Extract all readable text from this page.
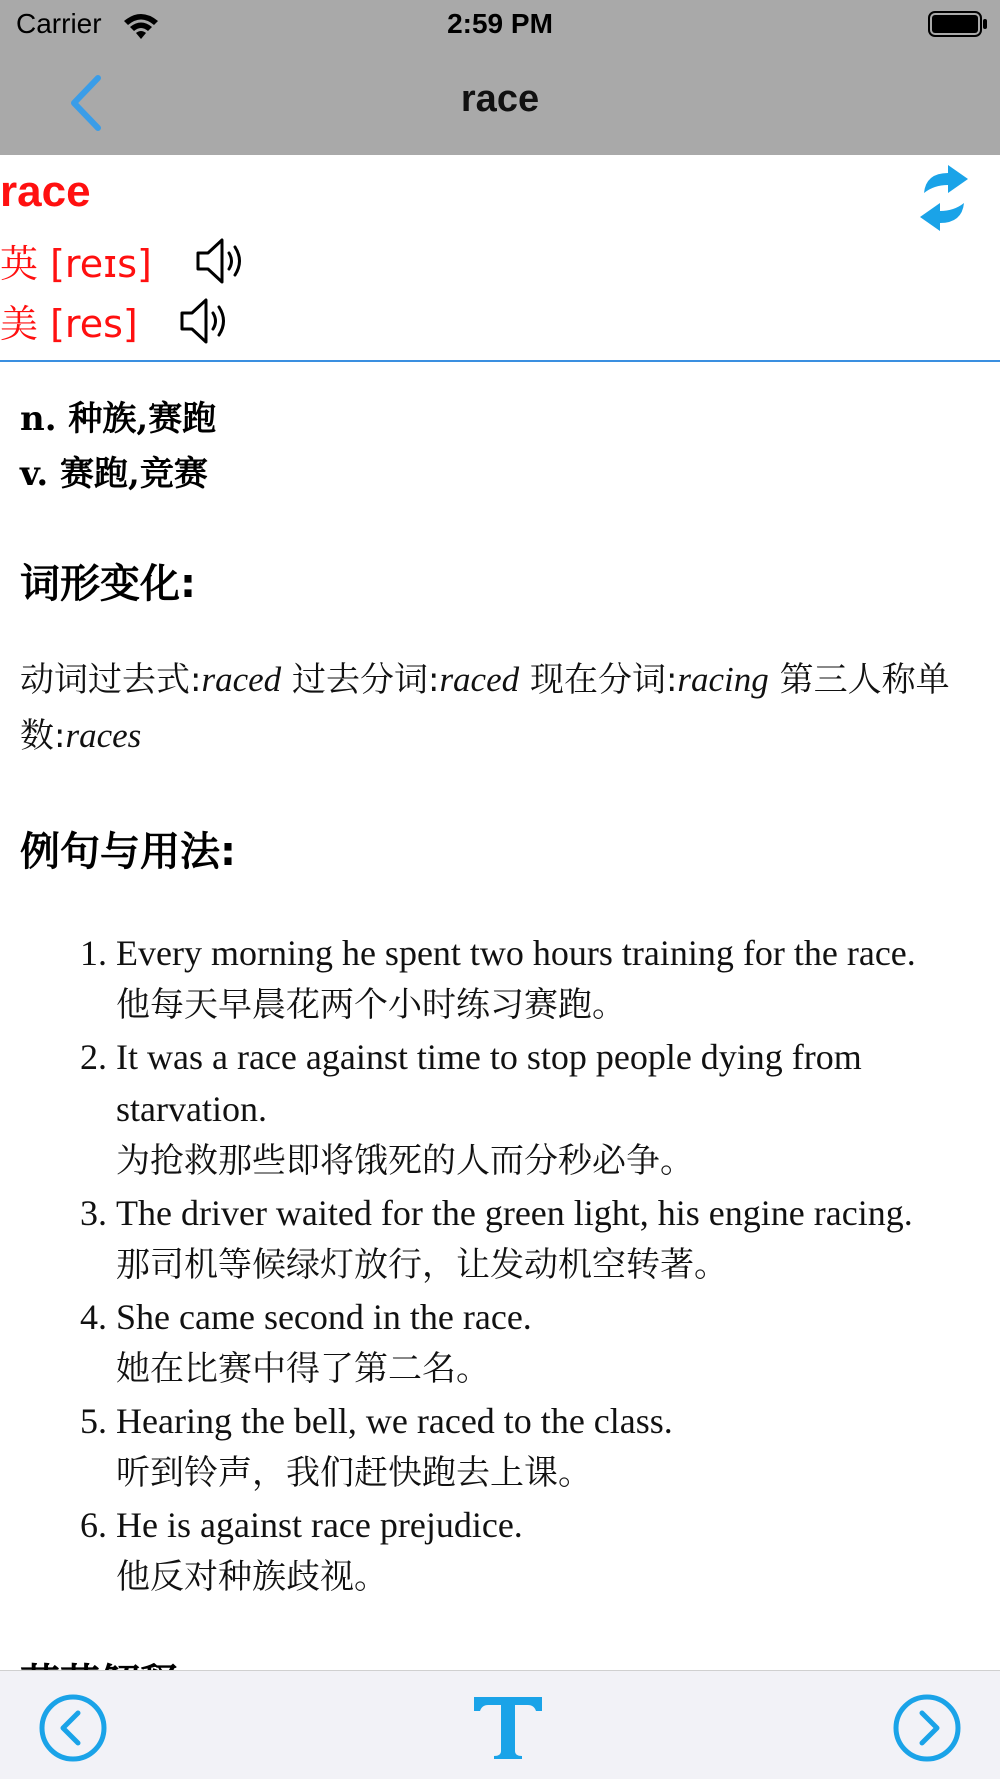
Carrier	2:59 PM
race
race
英 [reɪs]
美 [res]
n. 种族,赛跑
v. 赛跑,竞赛
词形变化:
动词过去式:raced 过去分词:raced 现在分词:racing 第三人称单数:races
例句与用法:
1. Every morning he spent two hours training for the race.
他每天早晨花两个小时练习赛跑。
2. It was a race against time to stop people dying from starvation.
为抢救那些即将饿死的人而分秒必争。
3. The driver waited for the green light, his engine racing.
那司机等候绿灯放行，让发动机空转著。
4. She came second in the race.
她在比赛中得了第二名。
5. Hearing the bell, we raced to the class.
听到铃声，我们赶快跑去上课。
6. He is against race prejudice.
他反对种族歧视。
